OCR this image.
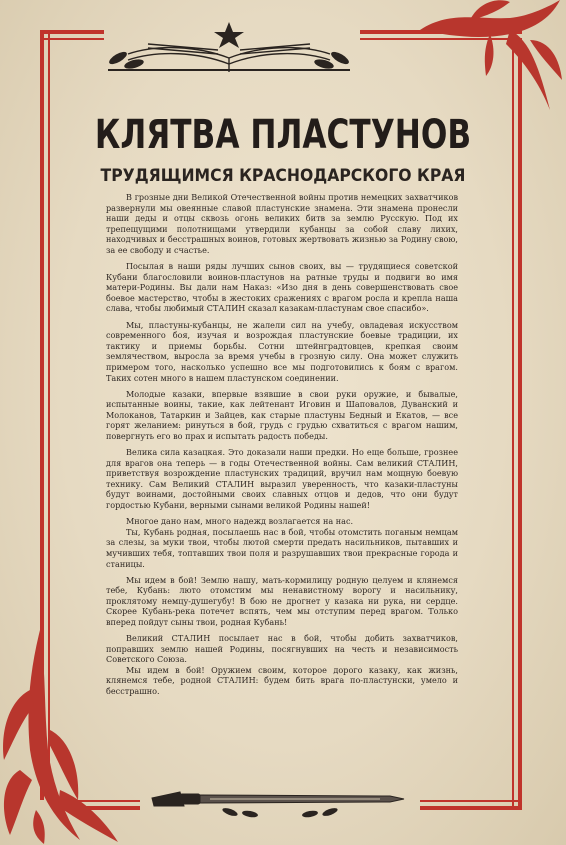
КЛЯТВА ПЛАСТУНОВ
ТРУДЯЩИМСЯ КРАСНОДАРСКОГО КРАЯ

В грозные дни Великой Отечественной войны против немецких захватчиков развернули мы овеянные славой пластунские знамена. Эти знамена пронесли наши деды и отцы сквозь огонь великих битв за землю Русскую. Под их трепещущими полотнищами утвердили кубанцы за собой славу лихих, находчивых и бесстрашных воинов, готовых жертвовать жизнью за Родину свою, за ее свободу и счастье.

Посылая в наши ряды лучших сынов своих, вы — трудящиеся советской Кубани благословили воинов-пластунов на ратные труды и подвиги во имя матери-Родины. Вы дали нам Наказ: «Изо дня в день совершенствовать свое боевое мастерство, чтобы в жестоких сражениях с врагом росла и крепла наша слава, чтобы любимый СТАЛИН сказал казакам-пластунам свое спасибо».

Мы, пластуны-кубанцы, не жалели сил на учебу, овладевая искусством современного боя, изучая и возрождая пластунские боевые традиции, их тактику и приемы борьбы. Сотни штейнградтовцев, крепкая своим землячеством, выросла за время учебы в грозную силу. Она может служить примером того, насколько успешно все мы подготовились к боям с врагом. Таких сотен много в нашем пластунском соединении.

Молодые казаки, впервые взявшие в свои руки оружие, и бывалые, испытанные воины, такие, как лейтенант Иговин и Шаповалов, Дуванский и Молоканов, Татаркин и Зайцев, как старые пластуны Бедный и Екатов, — все горят желанием: ринуться в бой, грудь с грудью схватиться с врагом нашим, повергнуть его во прах и испытать радость победы.

Велика сила казацкая. Это доказали наши предки. Но еще больше, грознее для врагов она теперь — в годы Отечественной войны. Сам великий СТАЛИН, приветствуя возрождение пластунских традиций, вручил нам мощную боевую технику. Сам Великий СТАЛИН выразил уверенность, что казаки-пластуны будут воинами, достойными своих славных отцов и дедов, что они будут гордостью Кубани, верными сынами великой Родины нашей!

Многое дано нам, много надежд возлагается на нас.

Ты, Кубань родная, посылаешь нас в бой, чтобы отомстить поганым немцам за слезы, за муки твои, чтобы лютой смерти предать насильников, пытавших и мучивших тебя, топтавших твои поля и разрушавших твои прекрасные города и станицы.

Мы идем в бой! Землю нашу, мать-кормилицу родную целуем и клянемся тебе, Кубань: люто отомстим мы ненавистному ворогу и насильнику, проклятому немцу-душегубу! В бою не дрогнет у казака ни рука, ни сердце. Скорее Кубань-река потечет вспять, чем мы отступим перед врагом. Только вперед пойдут сыны твои, родная Кубань!

Великий СТАЛИН посылает нас в бой, чтобы добить захватчиков, поправших землю нашей Родины, посягнувших на честь и независимость Советского Союза.

Мы идем в бой! Оружием своим, которое дорого казаку, как жизнь, клянемся тебе, родной СТАЛИН: будем бить врага по-пластунски, умело и бесстрашно.
